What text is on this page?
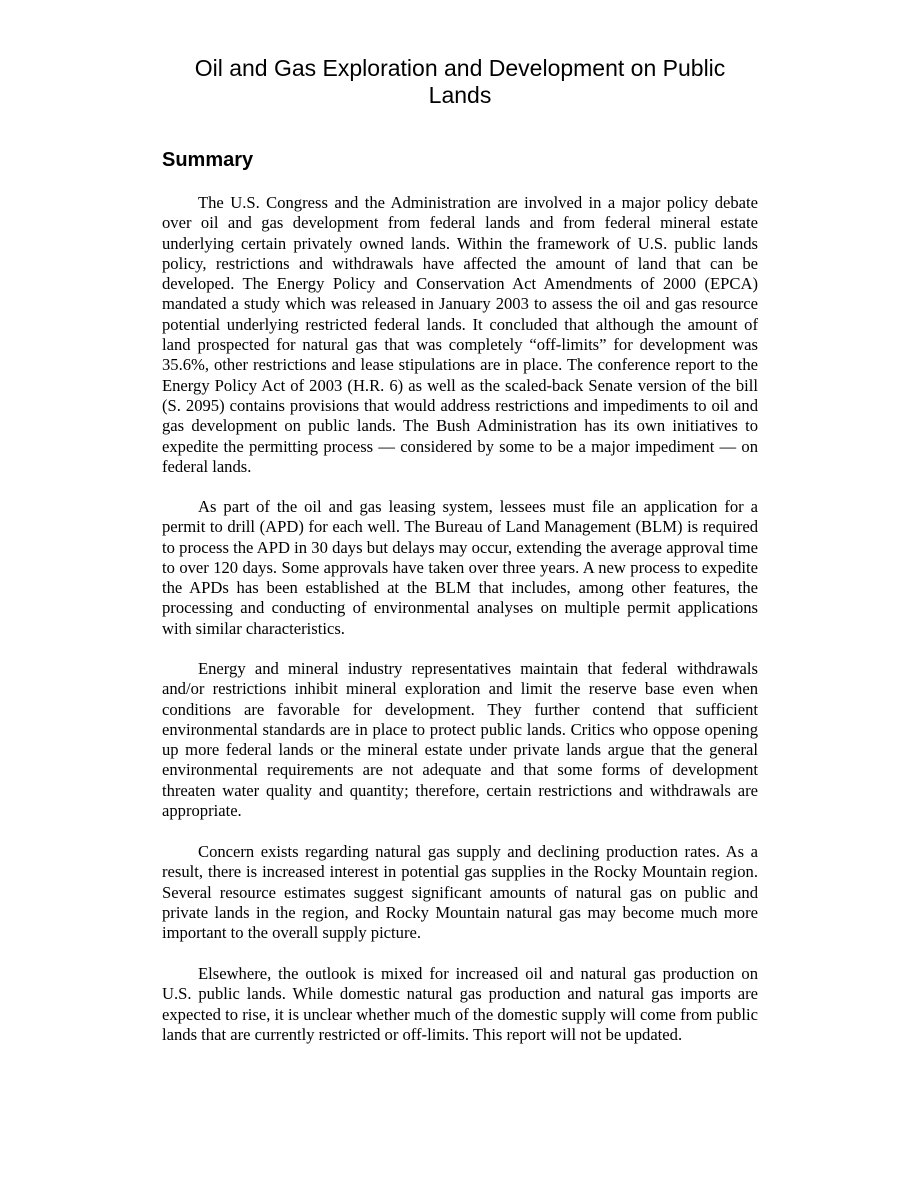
Oil and Gas Exploration and Development on Public Lands
Summary

The U.S. Congress and the Administration are involved in a major policy debate over oil and gas development from federal lands and from federal mineral estate underlying certain privately owned lands. Within the framework of U.S. public lands policy, restrictions and withdrawals have affected the amount of land that can be developed. The Energy Policy and Conservation Act Amendments of 2000 (EPCA) mandated a study which was released in January 2003 to assess the oil and gas resource potential underlying restricted federal lands. It concluded that although the amount of land prospected for natural gas that was completely “off-limits” for development was 35.6%, other restrictions and lease stipulations are in place. The conference report to the Energy Policy Act of 2003 (H.R. 6) as well as the scaled-back Senate version of the bill (S. 2095) contains provisions that would address restrictions and impediments to oil and gas development on public lands. The Bush Administration has its own initiatives to expedite the permitting process — considered by some to be a major impediment — on federal lands.

As part of the oil and gas leasing system, lessees must file an application for a permit to drill (APD) for each well. The Bureau of Land Management (BLM) is required to process the APD in 30 days but delays may occur, extending the average approval time to over 120 days. Some approvals have taken over three years. A new process to expedite the APDs has been established at the BLM that includes, among other features, the processing and conducting of environmental analyses on multiple permit applications with similar characteristics.

Energy and mineral industry representatives maintain that federal withdrawals and/or restrictions inhibit mineral exploration and limit the reserve base even when conditions are favorable for development. They further contend that sufficient environmental standards are in place to protect public lands. Critics who oppose opening up more federal lands or the mineral estate under private lands argue that the general environmental requirements are not adequate and that some forms of development threaten water quality and quantity; therefore, certain restrictions and withdrawals are appropriate.

Concern exists regarding natural gas supply and declining production rates. As a result, there is increased interest in potential gas supplies in the Rocky Mountain region. Several resource estimates suggest significant amounts of natural gas on public and private lands in the region, and Rocky Mountain natural gas may become much more important to the overall supply picture.

Elsewhere, the outlook is mixed for increased oil and natural gas production on U.S. public lands. While domestic natural gas production and natural gas imports are expected to rise, it is unclear whether much of the domestic supply will come from public lands that are currently restricted or off-limits. This report will not be updated.
